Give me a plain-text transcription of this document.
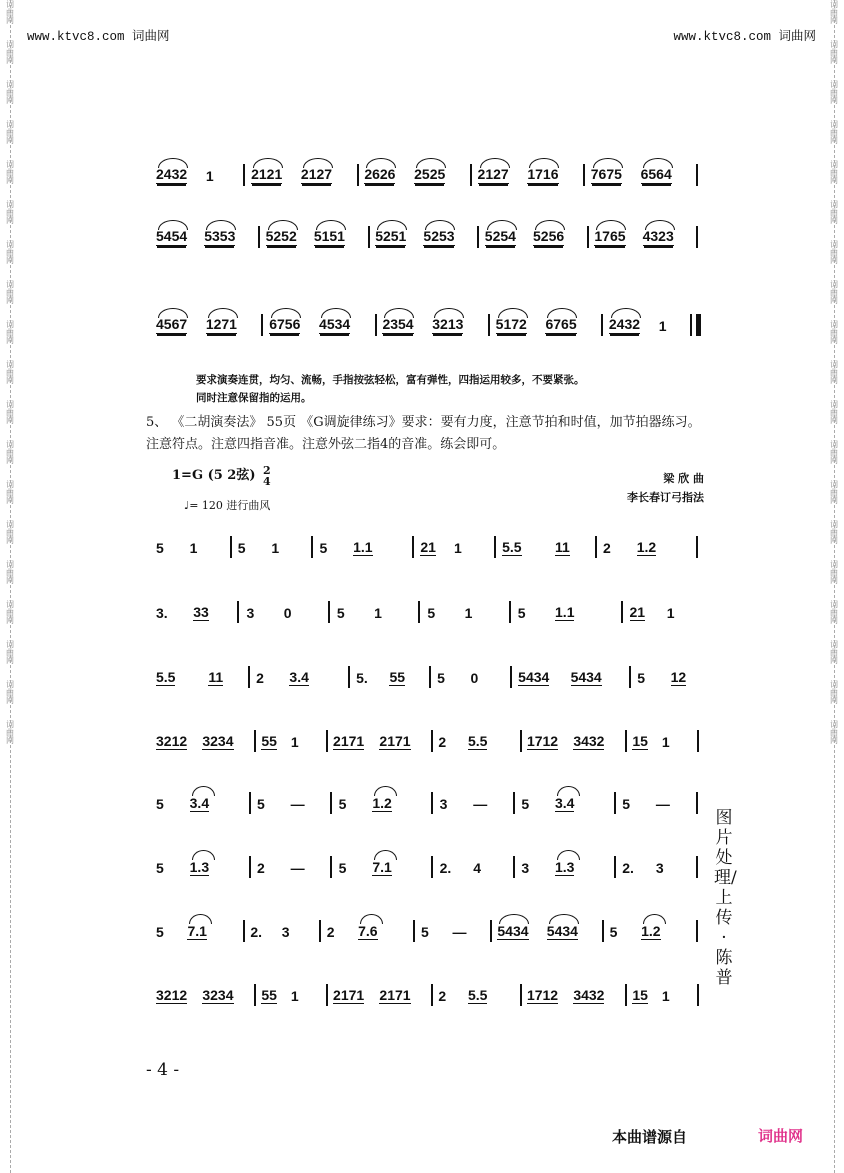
www.ktvc8.com 词曲网	www.ktvc8.com 词曲网
词曲网
词曲网
词曲网
词曲网
词曲网
词曲网
词曲网
词曲网
词曲网
词曲网
词曲网
词曲网
词曲网
词曲网
词曲网
词曲网
词曲网
词曲网
词曲网
词曲网
词曲网
词曲网
词曲网
词曲网
词曲网
词曲网
词曲网
词曲网
词曲网
词曲网
词曲网
词曲网
词曲网
词曲网
词曲网
词曲网
词曲网
词曲网
2432 1	2121 2127 2626 2525 2127 1716 7675 6564
5454 5353 5252 5151 5251 5253 5254 5256 1765 4323
4567 1271 6756 4534 2354 3213 5172 6765 2432 1
要求演奏连贯，均匀、流畅，手指按弦轻松，富有弹性，四指运用较多，不要紧张。
同时注意保留指的运用。
5、 《二胡演奏法》 55页 《G调旋律练习》要求：要有力度，注意节拍和时值，加节拍器练习。注意符点。注意四指音准。注意外弦二指4的音准。练会即可。
1=G (5 2弦) 2
4
♩= 120 进行曲风
梁 欣 曲
李长春订弓指法
5 1	5 1	5 1.1	21 1	5.5 11 2 1.2
3. 33	3 0	5 1	5 1	5 1.1	21 1
5.5 11 2 3.4	5. 55 5 0	5434 5434	5 12
3212 3234 55 1 2171 2171 2 5.5	1712 3432 15 1
5 3.4	5 — 5 1.2	3 — 5 3.4	5 —
5 1.3	2 — 5 7.1	2. 4	3 1.3	2. 3
5 7.1	2. 3	2 7.6	5 — 5434 5434 5 1.2
3212 3234 55 1 2171 2171 2 5.5	1712 3432 15 1
图片处理/上传·陈普
- 4 -
本曲谱源自	词曲网
